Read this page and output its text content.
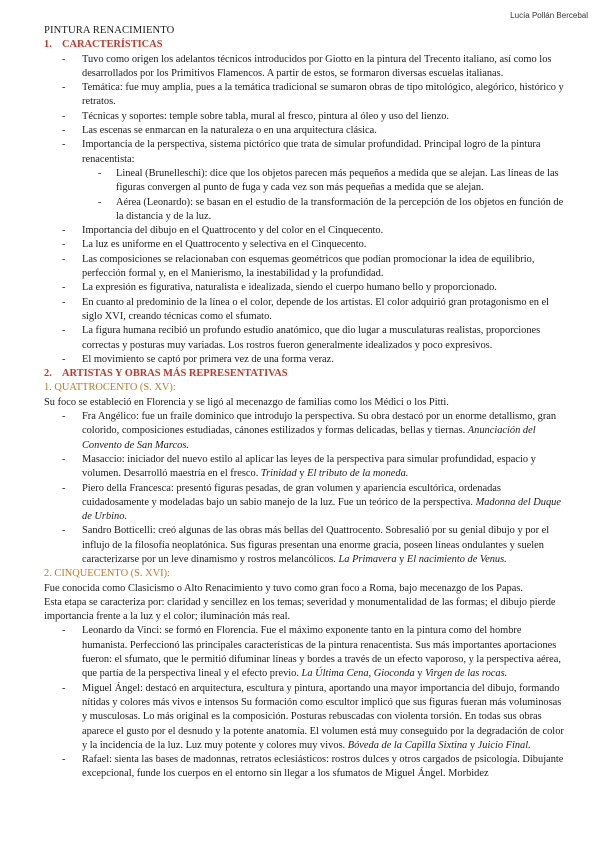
Lucía Pollán Bercebal
PINTURA RENACIMIENTO
1. CARACTERÍSTICAS
- Tuvo como origen los adelantos técnicos introducidos por Giotto en la pintura del Trecento italiano, así como los desarrollados por los Primitivos Flamencos. A partir de estos, se formaron diversas escuelas italianas.
- Temática: fue muy amplia, pues a la temática tradicional se sumaron obras de tipo mitológico, alegórico, histórico y retratos.
- Técnicas y soportes: temple sobre tabla, mural al fresco, pintura al óleo y uso del lienzo.
- Las escenas se enmarcan en la naturaleza o en una arquitectura clásica.
- Importancia de la perspectiva, sistema pictórico que trata de simular profundidad. Principal logro de la pintura renacentista:
- Lineal (Brunelleschi): dice que los objetos parecen más pequeños a medida que se alejan. Las líneas de las figuras convergen al punto de fuga y cada vez son más pequeñas a medida que se alejan.
- Aérea (Leonardo): se basan en el estudio de la transformación de la percepción de los objetos en función de la distancia y de la luz.
- Importancia del dibujo en el Quattrocento y del color en el Cinquecento.
- La luz es uniforme en el Quattrocento y selectiva en el Cinquecento.
- Las composiciones se relacionaban con esquemas geométricos que podían promocionar la idea de equilibrio, perfección formal y, en el Manierismo, la inestabilidad y la profundidad.
- La expresión es figurativa, naturalista e idealizada, siendo el cuerpo humano bello y proporcionado.
- En cuanto al predominio de la línea o el color, depende de los artistas. El color adquirió gran protagonismo en el siglo XVI, creando técnicas como el sfumato.
- La figura humana recibió un profundo estudio anatómico, que dio lugar a musculaturas realistas, proporciones correctas y posturas muy variadas. Los rostros fueron generalmente idealizados y poco expresivos.
- El movimiento se captó por primera vez de una forma veraz.
2. ARTISTAS Y OBRAS MÁS REPRESENTATIVAS
1. QUATTROCENTO (S. XV):
Su foco se estableció en Florencia y se ligó al mecenazgo de familias como los Médici o los Pitti.
- Fra Angélico: fue un fraile dominico que introdujo la perspectiva. Su obra destacó por un enorme detallismo, gran colorido, composiciones estudiadas, cánones estilizados y formas delicadas, bellas y tiernas. Anunciación del Convento de San Marcos.
- Masaccio: iniciador del nuevo estilo al aplicar las leyes de la perspectiva para simular profundidad, espacio y volumen. Desarrolló maestría en el fresco. Trinidad y El tributo de la moneda.
- Piero della Francesca: presentó figuras pesadas, de gran volumen y apariencia escultórica, ordenadas cuidadosamente y modeladas bajo un sabio manejo de la luz. Fue un teórico de la perspectiva. Madonna del Duque de Urbino.
- Sandro Botticelli: creó algunas de las obras más bellas del Quattrocento. Sobresalió por su genial dibujo y por el influjo de la filosofía neoplatónica. Sus figuras presentan una enorme gracia, poseen líneas ondulantes y suelen caracterizarse por un leve dinamismo y rostros melancólicos. La Primavera y El nacimiento de Venus.
2. CINQUECENTO (S. XVI):
Fue conocida como Clasicismo o Alto Renacimiento y tuvo como gran foco a Roma, bajo mecenazgo de los Papas.
Esta etapa se caracteriza por: claridad y sencillez en los temas; severidad y monumentalidad de las formas; el dibujo pierde importancia frente a la luz y el color; iluminación más real.
- Leonardo da Vinci: se formó en Florencia. Fue el máximo exponente tanto en la pintura como del hombre humanista. Perfeccionó las principales características de la pintura renacentista. Sus más importantes aportaciones fueron: el sfumato, que le permitió difuminar líneas y bordes a través de un efecto vaporoso, y la perspectiva aérea, que partía de la perspectiva lineal y el efecto previo. La Última Cena, Gioconda y Virgen de las rocas.
- Miguel Ángel: destacó en arquitectura, escultura y pintura, aportando una mayor importancia del dibujo, formando nítidas y colores más vivos e intensos Su formación como escultor implicó que sus figuras fueran más voluminosas y musculosas. Lo más original es la composición. Posturas rebuscadas con violenta torsión. En todas sus obras aparece el gusto por el desnudo y la potente anatomía. El volumen está muy conseguido por la degradación de color y la incidencia de la luz. Luz muy potente y colores muy vivos. Bóveda de la Capilla Sixtina y Juicio Final.
- Rafael: sienta las bases de madonnas, retratos eclesiásticos: rostros dulces y otros cargados de psicología. Dibujante excepcional, funde los cuerpos en el entorno sin llegar a los sfumatos de Miguel Ángel. Morbidez
